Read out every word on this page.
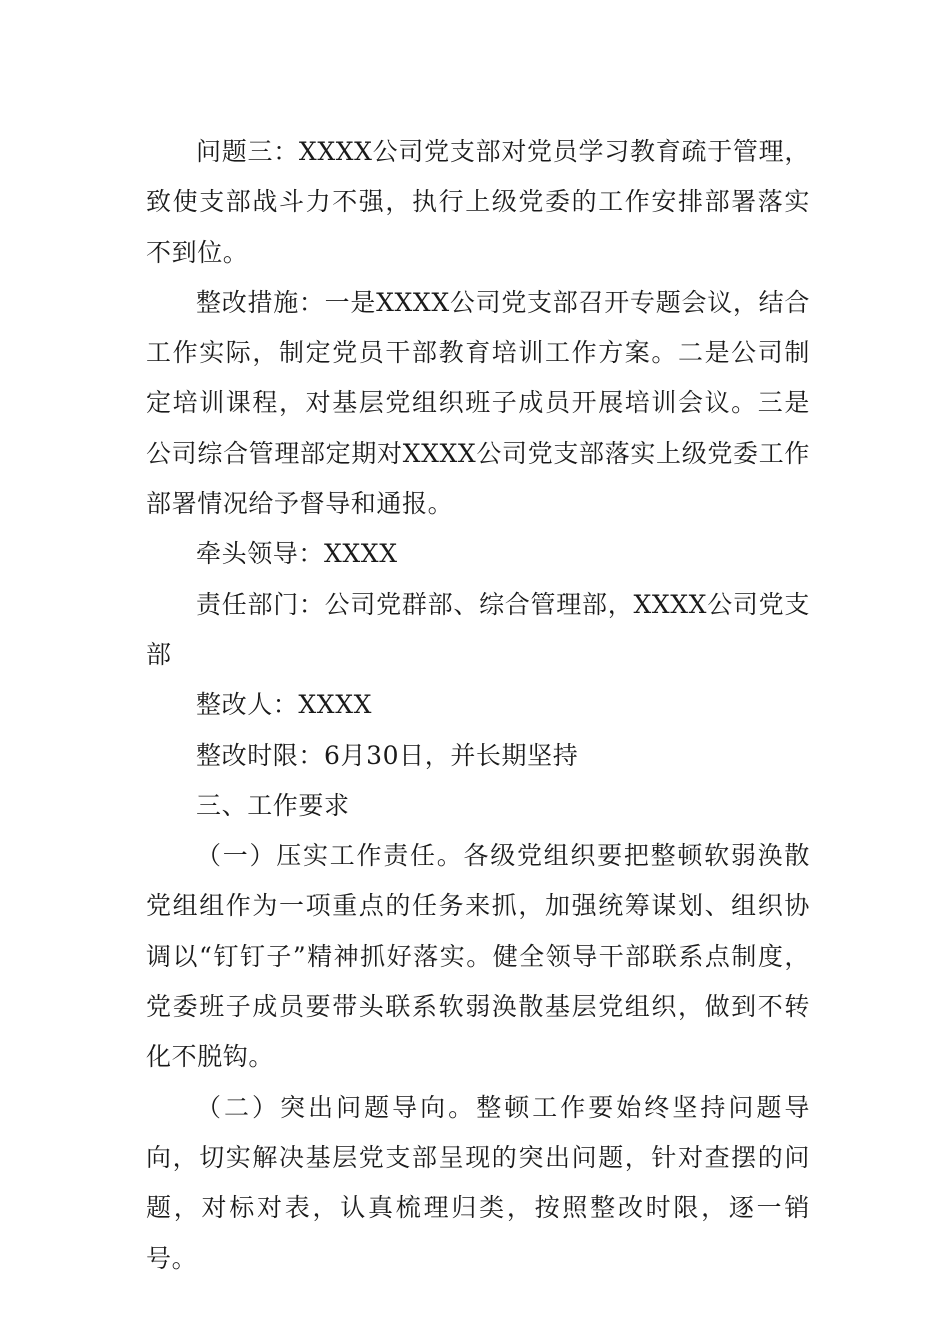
问题三：XXXX公司党支部对党员学习教育疏于管理，致使支部战斗力不强，执行上级党委的工作安排部署落实不到位。

整改措施：一是XXXX公司党支部召开专题会议，结合工作实际，制定党员干部教育培训工作方案。二是公司制定培训课程，对基层党组织班子成员开展培训会议。三是公司综合管理部定期对XXXX公司党支部落实上级党委工作部署情况给予督导和通报。

牵头领导：XXXX

责任部门：公司党群部、综合管理部，XXXX公司党支部

整改人：XXXX

整改时限：6月30日，并长期坚持

三、工作要求

（一）压实工作责任。各级党组织要把整顿软弱涣散党组组作为一项重点的任务来抓，加强统筹谋划、组织协调以“钉钉子”精神抓好落实。健全领导干部联系点制度，党委班子成员要带头联系软弱涣散基层党组织，做到不转化不脱钩。

（二）突出问题导向。整顿工作要始终坚持问题导向，切实解决基层党支部呈现的突出问题，针对查摆的问题，对标对表，认真梳理归类，按照整改时限，逐一销号。
